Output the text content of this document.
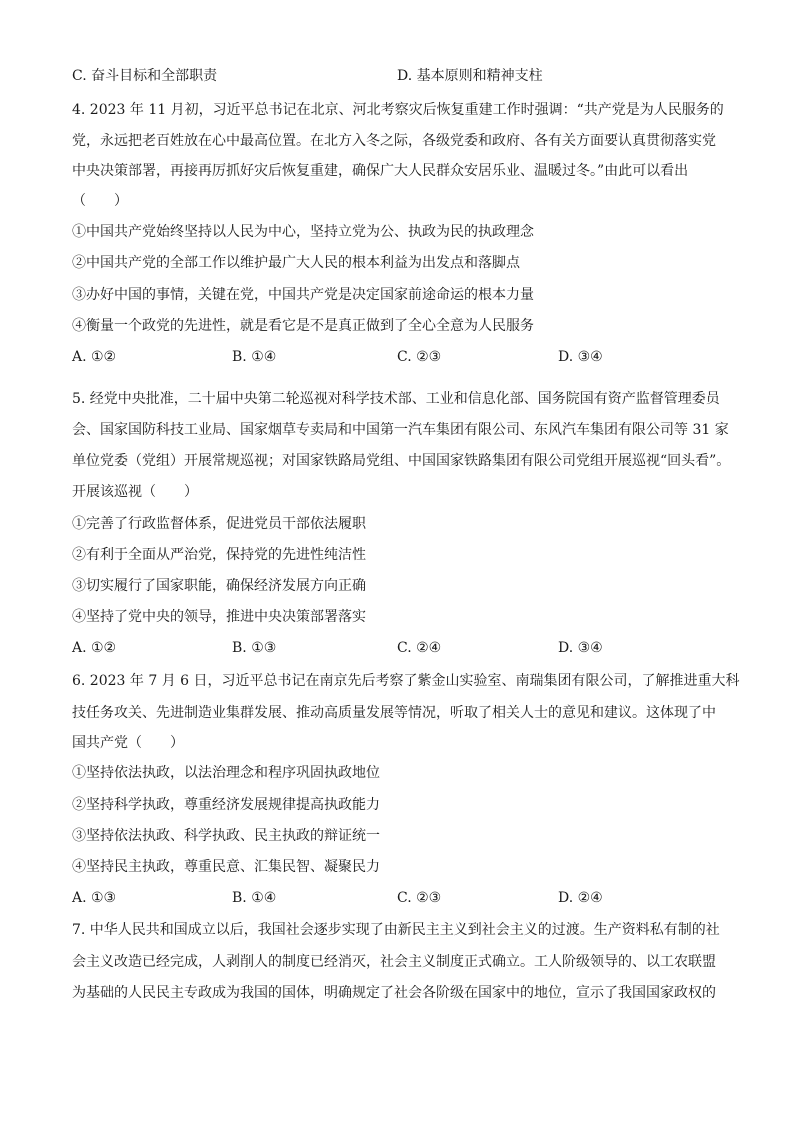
C. 奋斗目标和全部职责	D. 基本原则和精神支柱
4. 2023 年 11 月初，习近平总书记在北京、河北考察灾后恢复重建工作时强调：“共产党是为人民服务的
党，永远把老百姓放在心中最高位置。在北方入冬之际，各级党委和政府、各有关方面要认真贯彻落实党
中央决策部署，再接再厉抓好灾后恢复重建，确保广大人民群众安居乐业、温暖过冬。”由此可以看出
（　　）
①中国共产党始终坚持以人民为中心，坚持立党为公、执政为民的执政理念
②中国共产党的全部工作以维护最广大人民的根本利益为出发点和落脚点
③办好中国的事情，关键在党，中国共产党是决定国家前途命运的根本力量
④衡量一个政党的先进性，就是看它是不是真正做到了全心全意为人民服务
A. ①②	B. ①④	C. ②③	D. ③④
5. 经党中央批准，二十届中央第二轮巡视对科学技术部、工业和信息化部、国务院国有资产监督管理委员
会、国家国防科技工业局、国家烟草专卖局和中国第一汽车集团有限公司、东风汽车集团有限公司等 31 家
单位党委（党组）开展常规巡视；对国家铁路局党组、中国国家铁路集团有限公司党组开展巡视“回头看”。
开展该巡视（　　）
①完善了行政监督体系，促进党员干部依法履职
②有利于全面从严治党，保持党的先进性纯洁性
③切实履行了国家职能，确保经济发展方向正确
④坚持了党中央的领导，推进中央决策部署落实
A. ①②	B. ①③	C. ②④	D. ③④
6. 2023 年 7 月 6 日，习近平总书记在南京先后考察了紫金山实验室、南瑞集团有限公司，了解推进重大科
技任务攻关、先进制造业集群发展、推动高质量发展等情况，听取了相关人士的意见和建议。这体现了中
国共产党（　　）
①坚持依法执政，以法治理念和程序巩固执政地位
②坚持科学执政，尊重经济发展规律提高执政能力
③坚持依法执政、科学执政、民主执政的辩证统一
④坚持民主执政，尊重民意、汇集民智、凝聚民力
A. ①③	B. ①④	C. ②③	D. ②④
7. 中华人民共和国成立以后，我国社会逐步实现了由新民主主义到社会主义的过渡。生产资料私有制的社
会主义改造已经完成，人剥削人的制度已经消灭，社会主义制度正式确立。工人阶级领导的、以工农联盟
为基础的人民民主专政成为我国的国体，明确规定了社会各阶级在国家中的地位，宣示了我国国家政权的
